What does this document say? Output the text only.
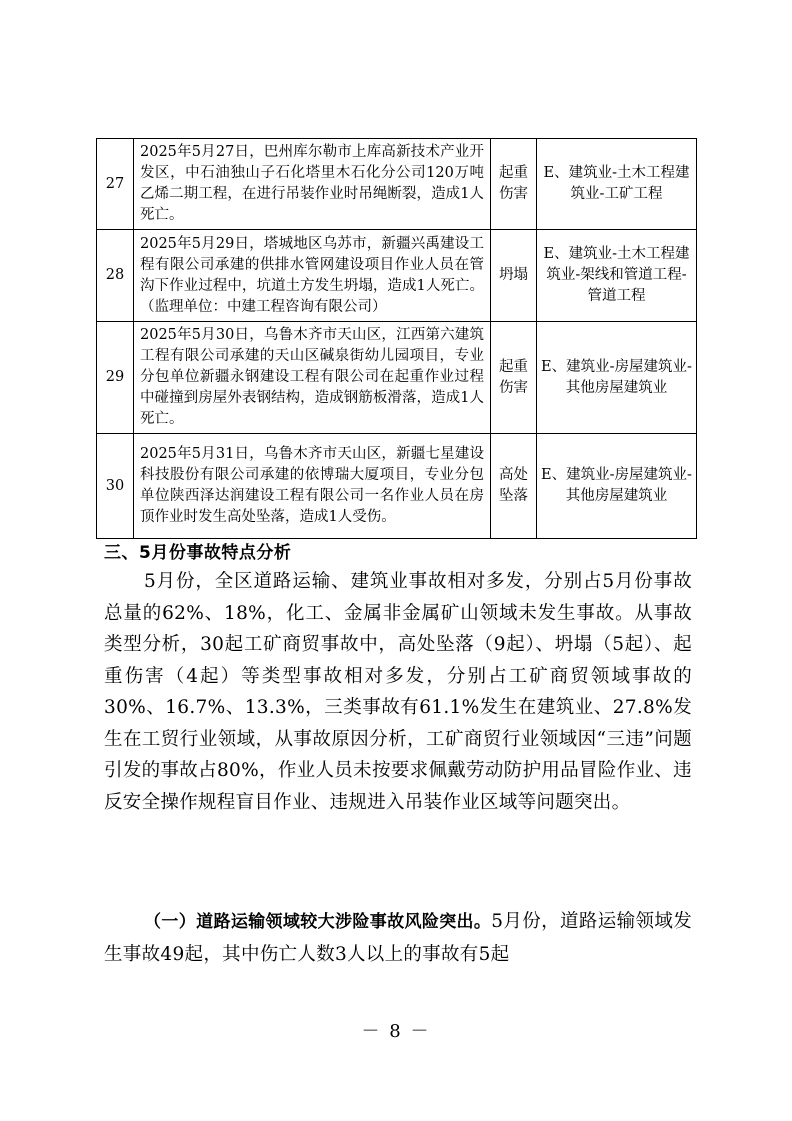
27	2025年5月27日，巴州库尔勒市上库高新技术产业开发区，中石油独山子石化塔里木石化分公司120万吨乙烯二期工程，在进行吊装作业时吊绳断裂，造成1人死亡。	起重伤害	E、建筑业-土木工程建筑业-工矿工程
28	2025年5月29日，塔城地区乌苏市，新疆兴禹建设工程有限公司承建的供排水管网建设项目作业人员在管沟下作业过程中，坑道土方发生坍塌，造成1人死亡。（监理单位：中建工程咨询有限公司）	坍塌	E、建筑业-土木工程建筑业-架线和管道工程-管道工程
29	2025年5月30日，乌鲁木齐市天山区，江西第六建筑工程有限公司承建的天山区碱泉街幼儿园项目，专业分包单位新疆永钢建设工程有限公司在起重作业过程中碰撞到房屋外表钢结构，造成钢筋板滑落，造成1人死亡。	起重伤害	E、建筑业-房屋建筑业-其他房屋建筑业
30	2025年5月31日，乌鲁木齐市天山区，新疆七星建设科技股份有限公司承建的依博瑞大厦项目，专业分包单位陕西泽达润建设工程有限公司一名作业人员在房顶作业时发生高处坠落，造成1人受伤。	高处坠落	E、建筑业-房屋建筑业-其他房屋建筑业
三、5月份事故特点分析

5月份，全区道路运输、建筑业事故相对多发，分别占5月份事故总量的62%、18%，化工、金属非金属矿山领域未发生事故。从事故类型分析，30起工矿商贸事故中，高处坠落（9起）、坍塌（5起）、起重伤害（4起）等类型事故相对多发，分别占工矿商贸领域事故的30%、16.7%、13.3%，三类事故有61.1%发生在建筑业、27.8%发生在工贸行业领域，从事故原因分析，工矿商贸行业领域因“三违”问题引发的事故占80%，作业人员未按要求佩戴劳动防护用品冒险作业、违反安全操作规程盲目作业、违规进入吊装作业区域等问题突出。

（一）道路运输领域较大涉险事故风险突出。5月份，道路运输领域发生事故49起，其中伤亡人数3人以上的事故有5起

－ 8 －
